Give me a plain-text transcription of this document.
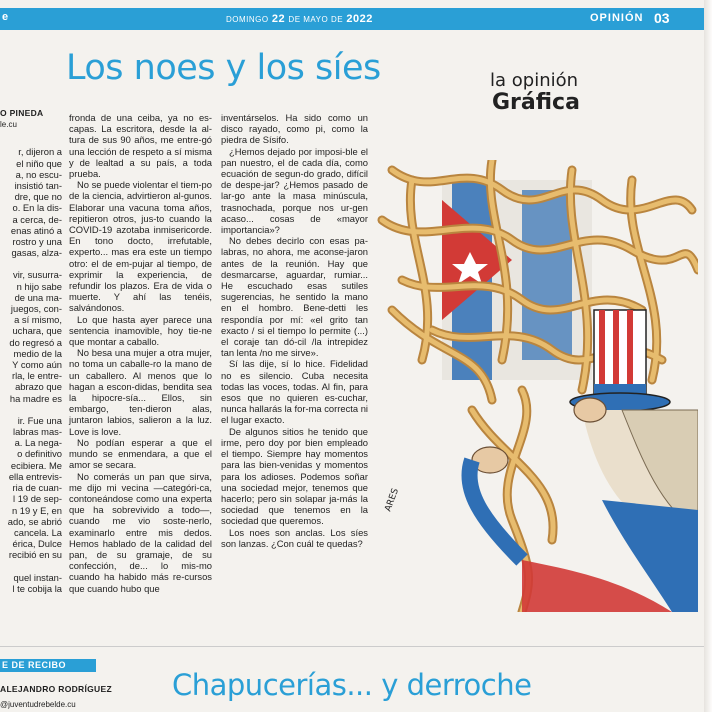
e	DOMINGO 22 DE MAYO DE 2022	OPINIÓN 03
Los noes y los síes
O PINEDA
le.cu
r, dijeron a
el niño que
a, no escu-
insistió tan-
dre, que no
o. En la dis-
a cerca, de-
enas atinó a
rostro y una
gasas, alza-
vir, susurra-
n hijo sabe
de una ma-
juegos, con-
a sí mismo,
uchara, que
do regresó a
medio de la
Y como aún
rla, le entre-
abrazo que
ha madre es
ir. Fue una
labras mas-
a. La nega-
o definitivo
ecibiera. Me
ella entrevis-
ria de cuan-
l 19 de sep-
n 19 y E, en
ado, se abrió
cancela. La
érica, Dulce
recibió en su
quel instan-
l te cobija la

fronda de una ceiba, ya no es-capas. La escritora, desde la al-tura de sus 90 años, me entre-gó una lección de respeto a sí misma y de lealtad a su país, a toda prueba.

No se puede violentar el tiem-po de la ciencia, advirtieron al-gunos. Elaborar una vacuna toma años, repitieron otros, jus-to cuando la COVID-19 azotaba inmisericorde. En tono docto, irrefutable, experto... mas era este un tiempo otro: el de em-pujar al tiempo, de exprimir la experiencia, de refundir los plazos. Era de vida o muerte. Y ahí las tenéis, salvándonos.

Lo que hasta ayer parece una sentencia inamovible, hoy tie-ne que montar a caballo.

No besa una mujer a otra mujer, no toma un caballe-ro la mano de un caballero. Al menos que lo hagan a escon-didas, bendita sea la hipocre-sía... Ellos, sin embargo, ten-dieron alas, juntaron labios, salieron a la luz. Love is love.

No podían esperar a que el mundo se enmendara, a que el amor se secara.

No comerás un pan que sirva, me dijo mi vecina —categóri-ca, contoneándose como una experta que ha sobrevivido a todo—, cuando me vio soste-nerlo, examinarlo entre mis dedos. Hemos hablado de la calidad del pan, de su gramaje, de su confección, de... lo mis-mo cuando ha habido más re-cursos que cuando hubo que

inventárselos. Ha sido como un disco rayado, como pi, como la piedra de Sísifo.

¿Hemos dejado por imposi-ble el pan nuestro, el de cada día, como ecuación de segun-do grado, difícil de despe-jar? ¿Hemos pasado de lar-go ante la masa minúscula, trasnochada, porque nos ur-gen acaso... cosas de «mayor importancia»?

No debes decirlo con esas pa-labras, no ahora, me aconse-jaron antes de la reunión. Hay que desmarcarse, aguardar, rumiar... He escuchado esas sutiles sugerencias, he sentido la mano en el hombro. Bene-detti les respondía por mí: «el grito tan exacto / si el tiempo lo permite (...) el coraje tan dó-cil /la intrepidez tan lenta /no me sirve».

Sí las dije, sí lo hice. Fidelidad no es silencio. Cuba necesita todas las voces, todas. Al fin, para esos que no quieren es-cuchar, nunca hallarás la for-ma correcta ni el lugar exacto.

De algunos sitios he tenido que irme, pero doy por bien empleado el tiempo. Siempre hay momentos para las bien-venidas y momentos para los adioses. Podemos soñar una sociedad mejor, tenemos que hacerlo; pero sin solapar ja-más la sociedad que tenemos en la sociedad que queremos.

Los noes son anclas. Los síes son lanzas. ¿Con cuál te quedas?

la opinión
Gráfica
ARES
E DE RECIBO
ALEJANDRO RODRÍGUEZ
@juventudrebelde.cu
Chapucerías... y derroche
